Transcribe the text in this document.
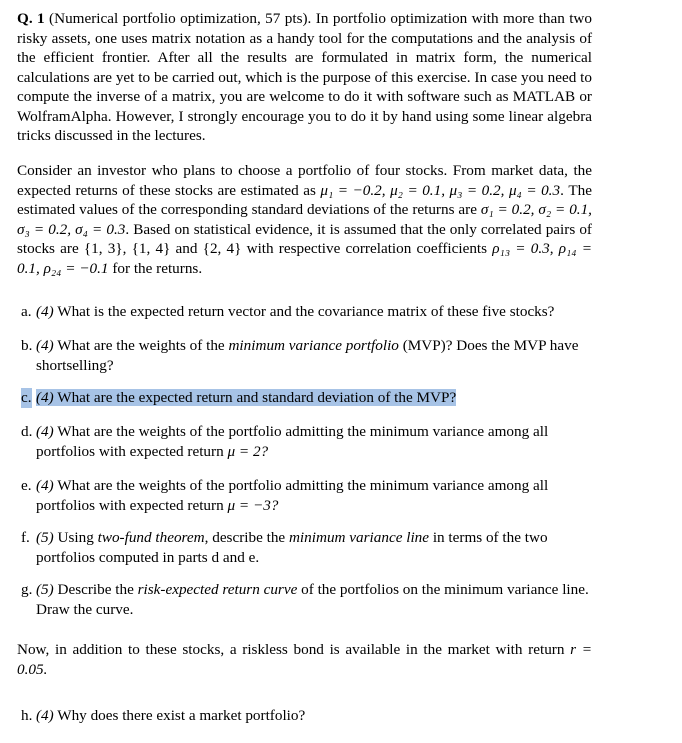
Q. 1 (Numerical portfolio optimization, 57 pts). In portfolio optimization with more than two risky assets, one uses matrix notation as a handy tool for the computations and the analysis of the efficient frontier. After all the results are formulated in matrix form, the numerical calculations are yet to be carried out, which is the purpose of this exercise. In case you need to compute the inverse of a matrix, you are welcome to do it with software such as MATLAB or WolframAlpha. However, I strongly encourage you to do it by hand using some linear algebra tricks discussed in the lectures.
Consider an investor who plans to choose a portfolio of four stocks. From market data, the expected returns of these stocks are estimated as μ₁ = −0.2, μ₂ = 0.1, μ₃ = 0.2, μ₄ = 0.3. The estimated values of the corresponding standard deviations of the returns are σ₁ = 0.2, σ₂ = 0.1, σ₃ = 0.2, σ₄ = 0.3. Based on statistical evidence, it is assumed that the only correlated pairs of stocks are {1, 3}, {1, 4} and {2, 4} with respective correlation coefficients ρ₁₃ = 0.3, ρ₁₄ = 0.1, ρ₂₄ = −0.1 for the returns.
a. (4) What is the expected return vector and the covariance matrix of these five stocks?
b. (4) What are the weights of the minimum variance portfolio (MVP)? Does the MVP have shortselling?
c. (4) What are the expected return and standard deviation of the MVP?
d. (4) What are the weights of the portfolio admitting the minimum variance among all portfolios with expected return μ = 2?
e. (4) What are the weights of the portfolio admitting the minimum variance among all portfolios with expected return μ = −3?
f. (5) Using two-fund theorem, describe the minimum variance line in terms of the two portfolios computed in parts d and e.
g. (5) Describe the risk-expected return curve of the portfolios on the minimum variance line. Draw the curve.
Now, in addition to these stocks, a riskless bond is available in the market with return r = 0.05.
h. (4) Why does there exist a market portfolio?
